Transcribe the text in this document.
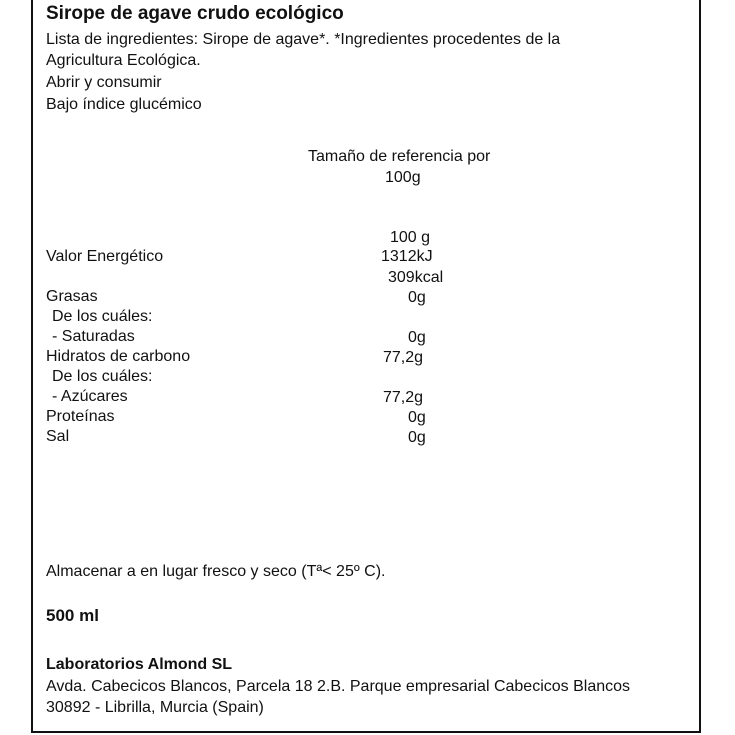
Sirope de agave crudo ecológico
Lista de ingredientes: Sirope de agave*. *Ingredientes procedentes de la
Agricultura Ecológica.
Abrir y consumir
Bajo índice glucémico
Tamaño de referencia por
100g
100 g
Valor Energético	1312kJ
309kcal
Grasas	0g
De los cuáles:
- Saturadas	0g
Hidratos de carbono	77,2g
De los cuáles:
- Azúcares	77,2g
Proteínas	0g
Sal	0g
Almacenar a en lugar fresco y seco (Tª< 25º C).
500 ml
Laboratorios Almond SL
Avda. Cabecicos Blancos, Parcela 18 2.B. Parque empresarial Cabecicos Blancos
30892 - Librilla, Murcia (Spain)
